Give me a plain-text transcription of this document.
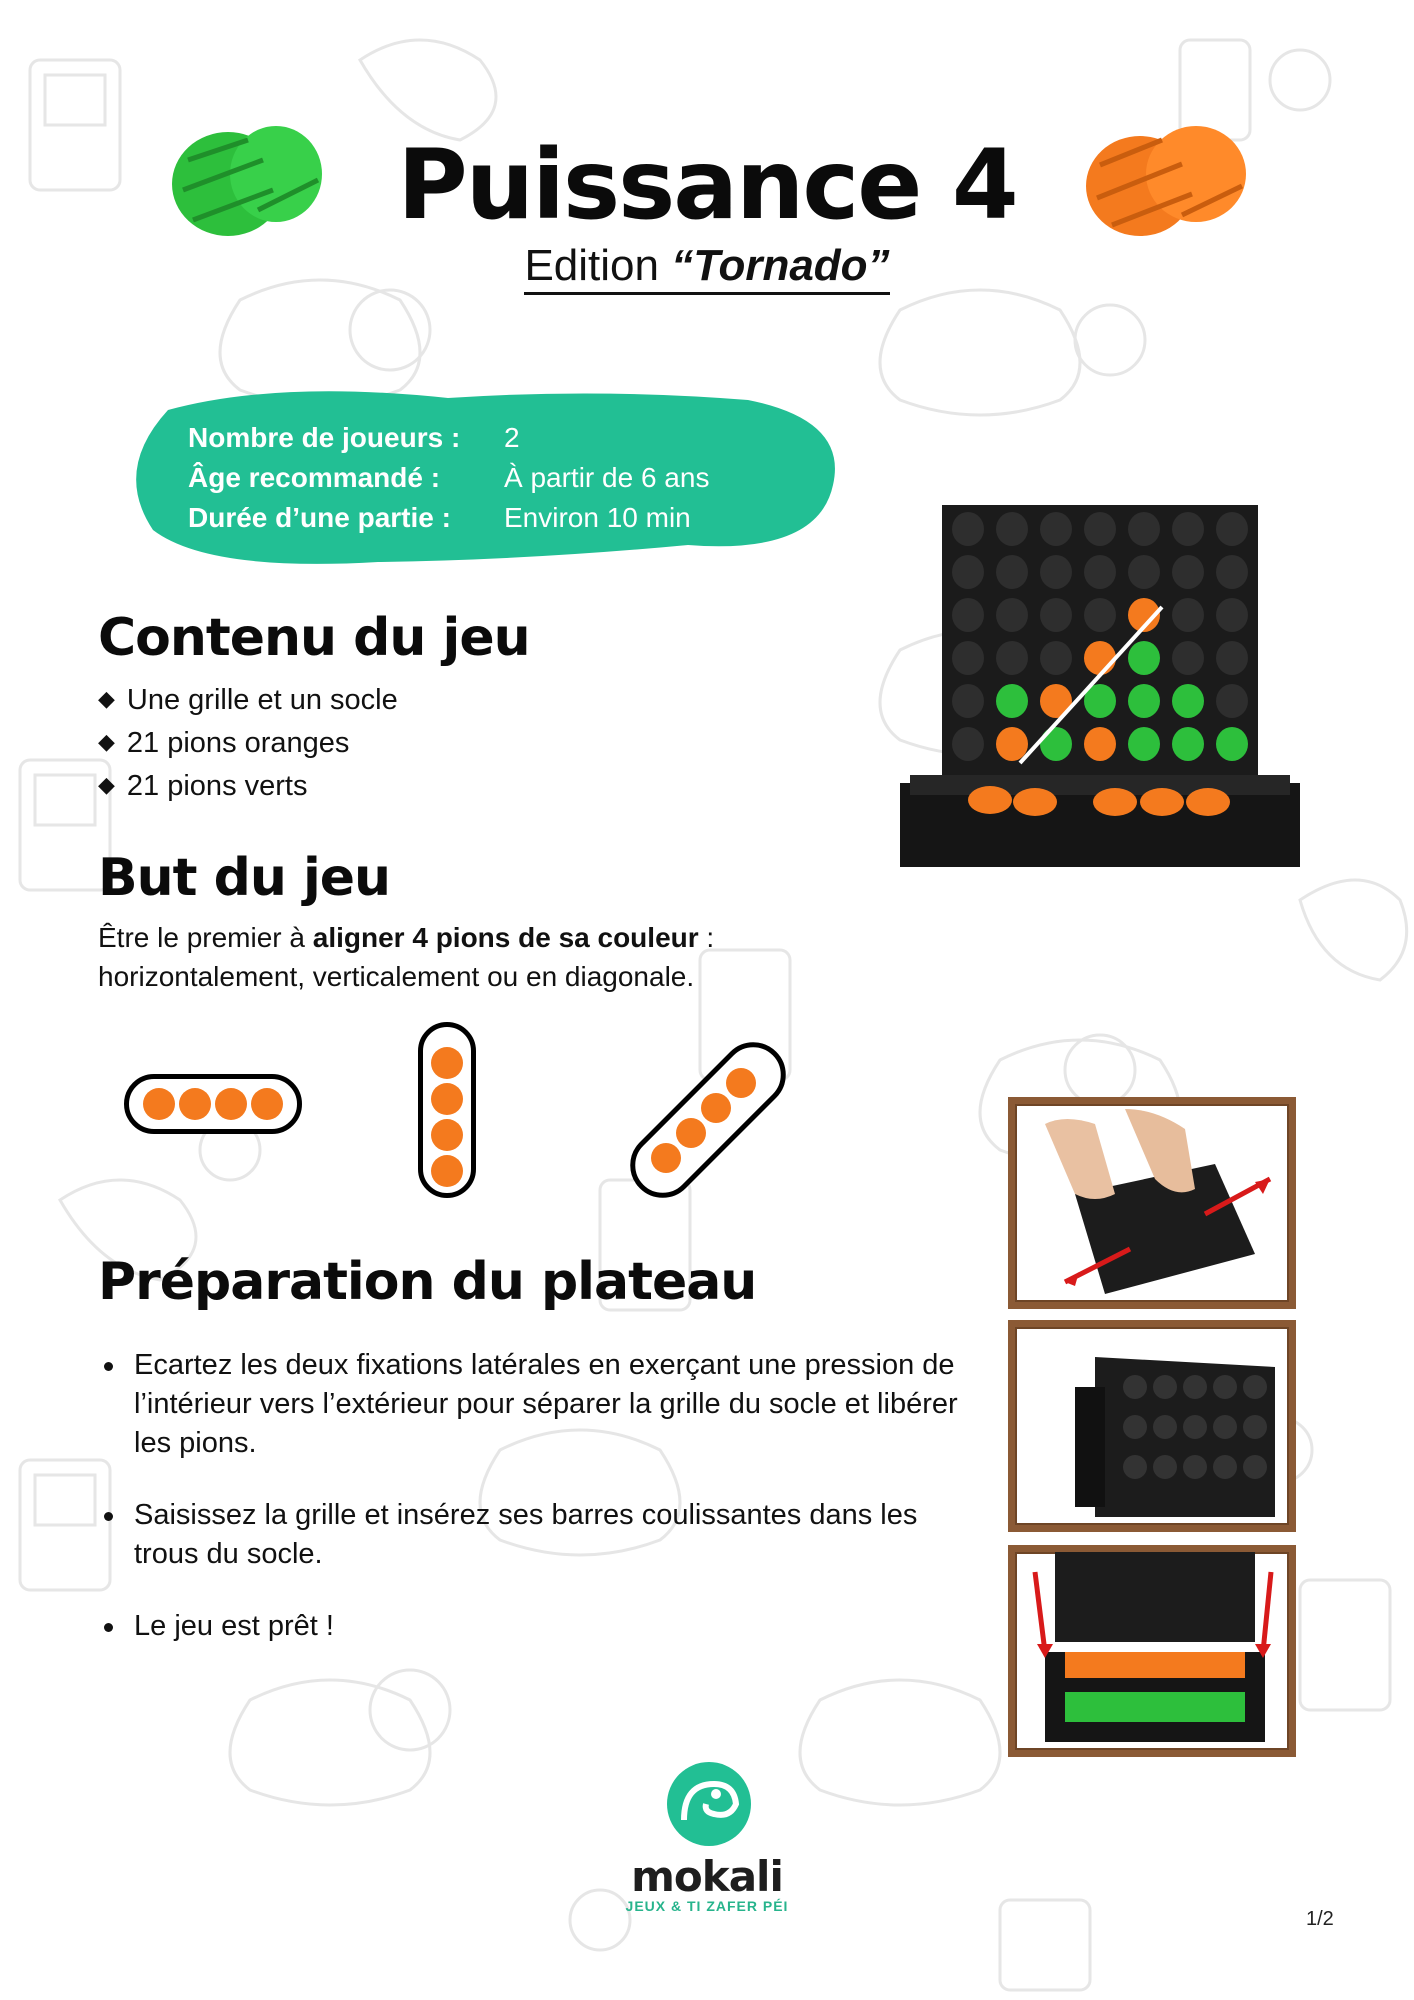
Puissance 4
Edition “Tornado”
Nombre de joueurs :	2
Âge recommandé :	À partir de 6 ans
Durée d’une partie :	Environ 10 min
Contenu du jeu
◆ Une grille et un socle
◆ 21 pions oranges
◆ 21 pions verts
But du jeu
Être le premier à aligner 4 pions de sa couleur :
horizontalement, verticalement ou en diagonale.
Préparation du plateau
Ecartez les deux fixations latérales en exerçant une pression de l’intérieur vers l’extérieur pour séparer la grille du socle et libérer les pions.
Saisissez la grille et insérez ses barres coulissantes dans les trous du socle.
Le jeu est prêt !
mokali
JEUX & TI ZAFER PÉI
1/2
